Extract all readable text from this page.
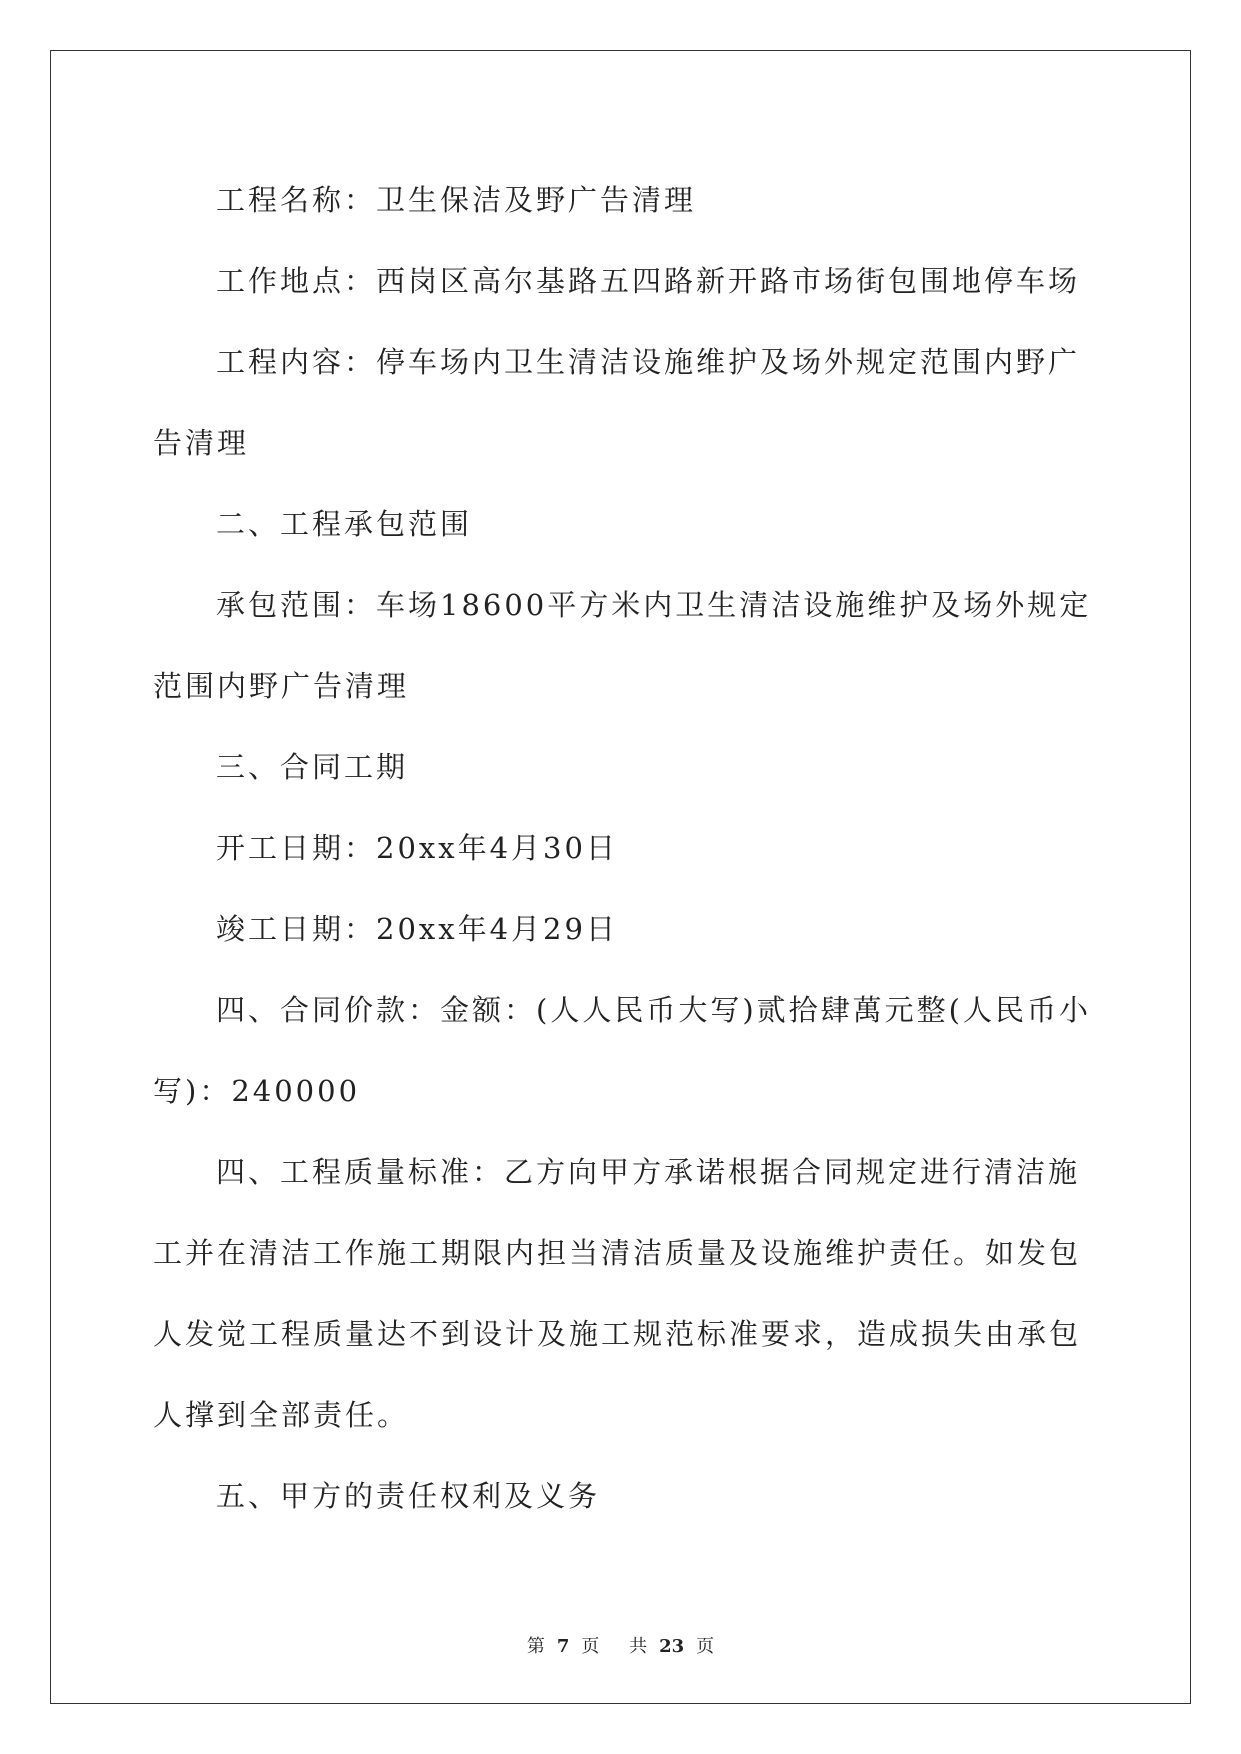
工程名称：卫生保洁及野广告清理

工作地点：西岗区高尔基路五四路新开路市场街包围地停车场

工程内容：停车场内卫生清洁设施维护及场外规定范围内野广告清理

二、工程承包范围

承包范围：车场18600平方米内卫生清洁设施维护及场外规定范围内野广告清理

三、合同工期

开工日期：20xx年4月30日

竣工日期：20xx年4月29日

四、合同价款：金额：(人人民币大写)贰拾肆萬元整(人民币小写)：240000

四、工程质量标准：乙方向甲方承诺根据合同规定进行清洁施工并在清洁工作施工期限内担当清洁质量及设施维护责任。如发包人发觉工程质量达不到设计及施工规范标准要求，造成损失由承包人撑到全部责任。

五、甲方的责任权利及义务

第 7 页 共 23 页
